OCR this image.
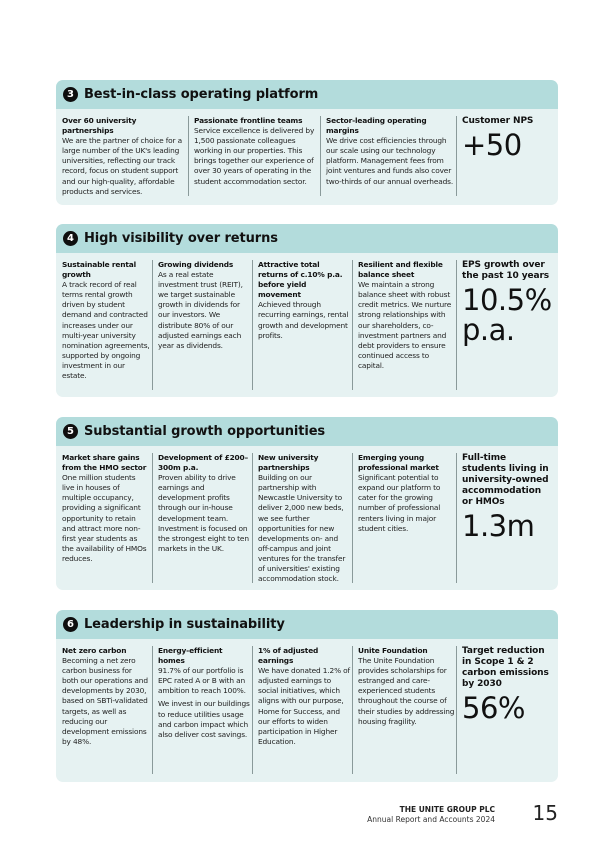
3 Best-in-class operating platform
Over 60 university partnerships

We are the partner of choice for a large number of the UK's leading universities, reflecting our track record, focus on student support and our high-quality, affordable products and services.

Passionate frontline teams

Service excellence is delivered by 1,500 passionate colleagues working in our properties. This brings together our experience of over 30 years of operating in the student accommodation sector.

Sector-leading operating margins

We drive cost efficiencies through our scale using our technology platform. Management fees from joint ventures and funds also cover two-thirds of our annual overheads.

Customer NPS
+50
4 High visibility over returns
Sustainable rental growth

A track record of real terms rental growth driven by student demand and contracted increases under our multi-year university nomination agreements, supported by ongoing investment in our estate.

Growing dividends

As a real estate investment trust (REIT), we target sustainable growth in dividends for our investors. We distribute 80% of our adjusted earnings each year as dividends.

Attractive total returns of c.10% p.a. before yield movement

Achieved through recurring earnings, rental growth and development profits.

Resilient and flexible balance sheet

We maintain a strong balance sheet with robust credit metrics. We nurture strong relationships with our shareholders, co-investment partners and debt providers to ensure continued access to capital.

EPS growth over the past 10 years
10.5% p.a.
5 Substantial growth opportunities
Market share gains from the HMO sector

One million students live in houses of multiple occupancy, providing a significant opportunity to retain and attract more non-first year students as the availability of HMOs reduces.

Development of £200–300m p.a.

Proven ability to drive earnings and development profits through our in-house development team. Investment is focused on the strongest eight to ten markets in the UK.

New university partnerships

Building on our partnership with Newcastle University to deliver 2,000 new beds, we see further opportunities for new developments on- and off-campus and joint ventures for the transfer of universities' existing accommodation stock.

Emerging young professional market

Significant potential to expand our platform to cater for the growing number of professional renters living in major student cities.

Full-time students living in university-owned accommodation or HMOs
1.3m
6 Leadership in sustainability
Net zero carbon

Becoming a net zero carbon business for both our operations and developments by 2030, based on SBTi-validated targets, as well as reducing our development emissions by 48%.

Energy-efficient homes

91.7% of our portfolio is EPC rated A or B with an ambition to reach 100%.

We invest in our buildings to reduce utilities usage and carbon impact which also deliver cost savings.

1% of adjusted earnings

We have donated 1.2% of adjusted earnings to social initiatives, which aligns with our purpose, Home for Success, and our efforts to widen participation in Higher Education.

Unite Foundation

The Unite Foundation provides scholarships for estranged and care-experienced students throughout the course of their studies by addressing housing fragility.

Target reduction in Scope 1 & 2 carbon emissions by 2030
56%
THE UNITE GROUP PLC
Annual Report and Accounts 2024 15
